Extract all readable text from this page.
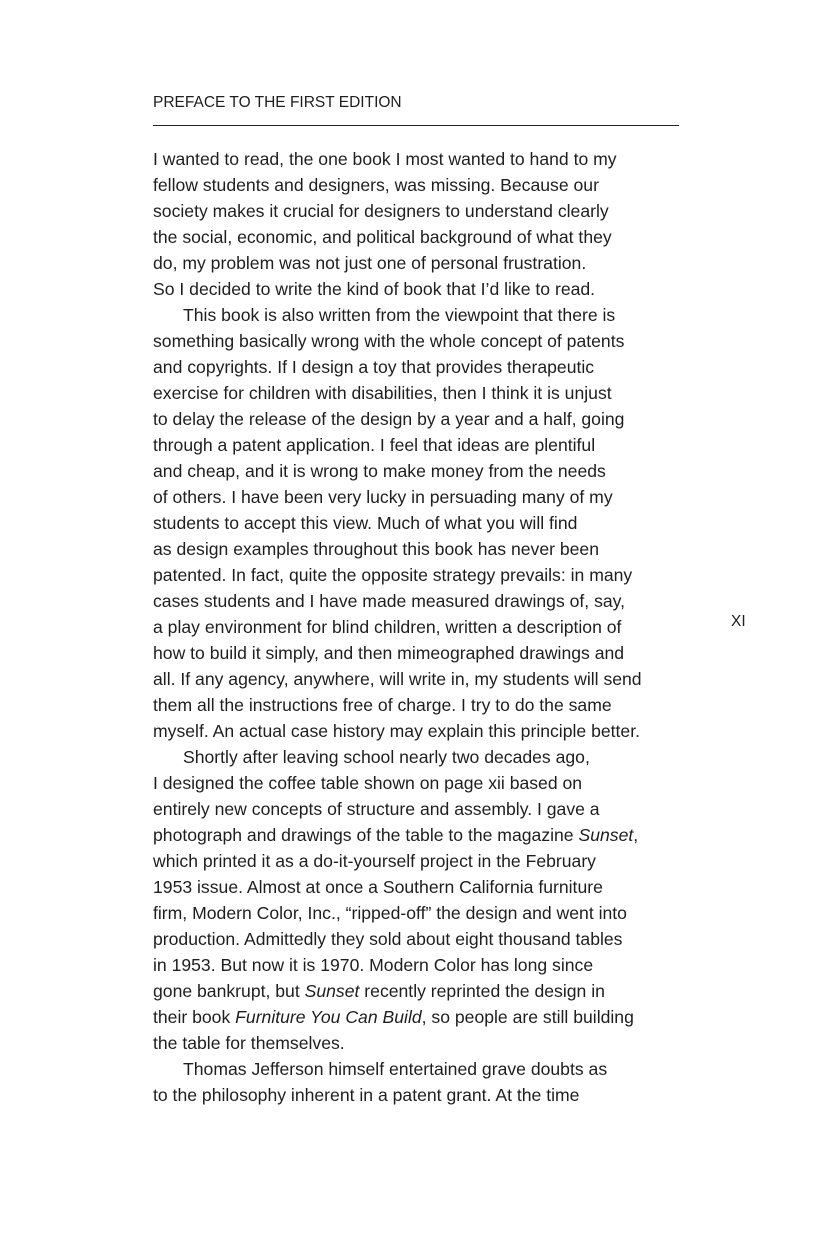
PREFACE TO THE FIRST EDITION
XI
I wanted to read, the one book I most wanted to hand to my
fellow students and designers, was missing. Because our
society makes it crucial for designers to understand clearly
the social, economic, and political background of what they
do, my problem was not just one of personal frustration.
So I decided to write the kind of book that I’d like to read.
This book is also written from the viewpoint that there is
something basically wrong with the whole concept of patents
and copyrights. If I design a toy that provides therapeutic
exercise for children with disabilities, then I think it is unjust
to delay the release of the design by a year and a half, going
through a patent application. I feel that ideas are plentiful
and cheap, and it is wrong to make money from the needs
of others. I have been very lucky in persuading many of my
students to accept this view. Much of what you will find
as design examples throughout this book has never been
patented. In fact, quite the opposite strategy prevails: in many
cases students and I have made measured drawings of, say,
a play environment for blind children, written a description of
how to build it simply, and then mimeographed drawings and
all. If any agency, anywhere, will write in, my students will send
them all the instructions free of charge. I try to do the same
myself. An actual case history may explain this principle better.
Shortly after leaving school nearly two decades ago,
I designed the coffee table shown on page xii based on
entirely new concepts of structure and assembly. I gave a
photograph and drawings of the table to the magazine Sunset,
which printed it as a do-it-yourself project in the February
1953 issue. Almost at once a Southern California furniture
firm, Modern Color, Inc., “ripped-off” the design and went into
production. Admittedly they sold about eight thousand tables
in 1953. But now it is 1970. Modern Color has long since
gone bankrupt, but Sunset recently reprinted the design in
their book Furniture You Can Build, so people are still building
the table for themselves.
Thomas Jefferson himself entertained grave doubts as
to the philosophy inherent in a patent grant. At the time
